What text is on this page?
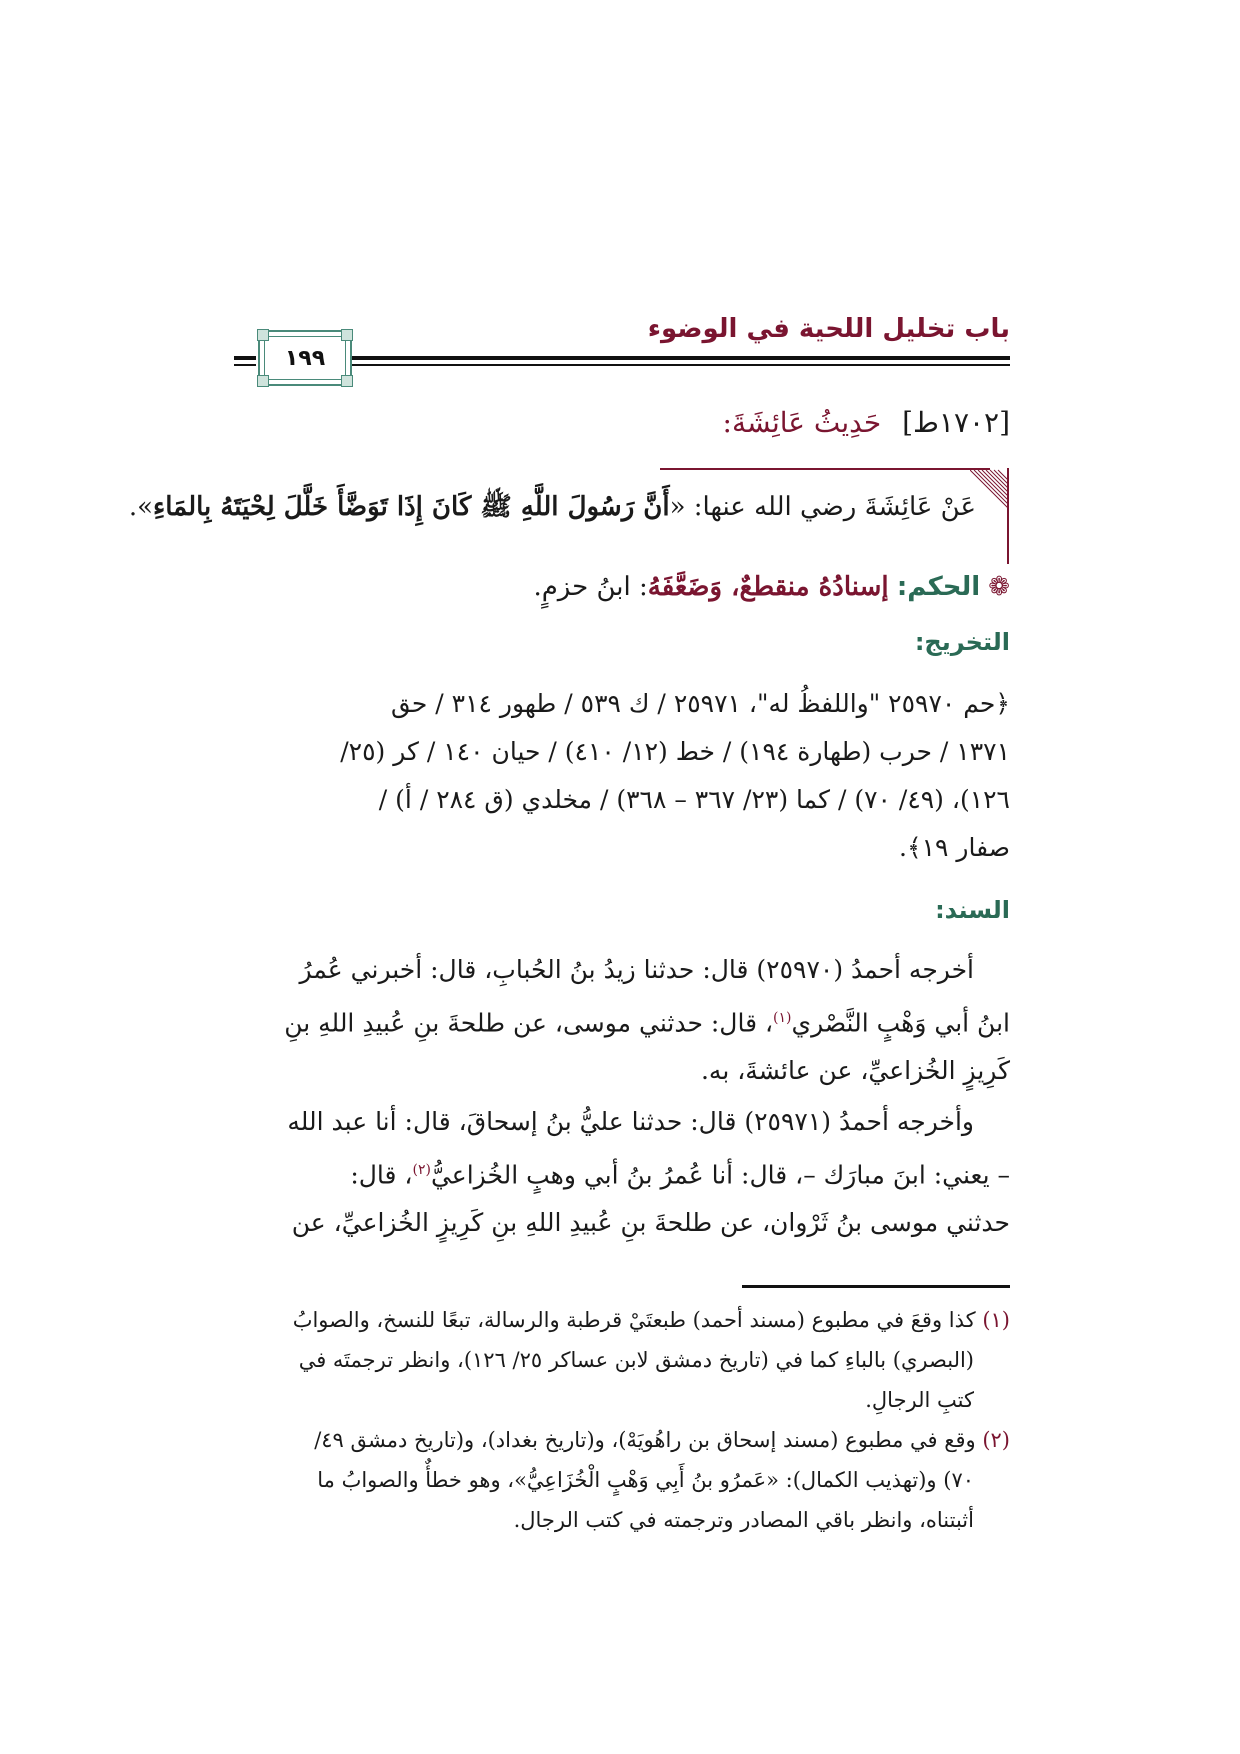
باب تخليل اللحية في الوضوء
١٩٩
[١٧٠٢ط] حَدِيثُ عَائِشَةَ:
عَنْ عَائِشَةَ رضي الله عنها: «أَنَّ رَسُولَ اللَّهِ ﷺ كَانَ إِذَا تَوَضَّأَ خَلَّلَ لِحْيَتَهُ بِالمَاءِ».
❁الحكم: إسنادُهُ منقطعٌ، وَضَعَّفَهُ: ابنُ حزمٍ.
التخريج:
﴿حم ٢٥٩٧٠ "واللفظُ له"، ٢٥٩٧١ / ك ٥٣٩ / طهور ٣١٤ / حق
١٣٧١ / حرب (طهارة ١٩٤) / خط (١٢/ ٤١٠) / حيان ١٤٠ / كر (٢٥/
١٢٦)، (٤٩/ ٧٠) / كما (٢٣/ ٣٦٧ – ٣٦٨) / مخلدي (ق ٢٨٤ / أ) /
صفار ١٩﴾.
السند:
أخرجه أحمدُ (٢٥٩٧٠) قال: حدثنا زيدُ بنُ الحُبابِ، قال: أخبرني عُمرُ
ابنُ أبي وَهْبٍ النَّصْري$^{(١)}$، قال: حدثني موسى، عن طلحةَ بنِ عُبيدِ اللهِ بنِ
كَرِيزٍ الخُزاعيِّ، عن عائشةَ، به.
وأخرجه أحمدُ (٢٥٩٧١) قال: حدثنا عليُّ بنُ إسحاقَ، قال: أنا عبد الله
– يعني: ابنَ مبارَك –، قال: أنا عُمرُ بنُ أبي وهبٍ الخُزاعيُّ$^{(٢)}$، قال:
حدثني موسى بنُ ثَرْوان، عن طلحةَ بنِ عُبيدِ اللهِ بنِ كَرِيزٍ الخُزاعيِّ، عن
(١) كذا وقعَ في مطبوع (مسند أحمد) طبعتَيْ قرطبة والرسالة، تبعًا للنسخ، والصوابُ
(البصري) بالباءِ كما في (تاريخ دمشق لابن عساكر ٢٥/ ١٢٦)، وانظر ترجمتَه في
كتبِ الرجالِ.
(٢) وقع في مطبوع (مسند إسحاق بن راهُويَهْ)، و(تاريخ بغداد)، و(تاريخ دمشق ٤٩/
٧٠) و(تهذيب الكمال): «عَمرُو بنُ أَبِي وَهْبٍ الْخُزَاعِيُّ»، وهو خطأٌ والصوابُ ما
أثبتناه، وانظر باقي المصادر وترجمته في كتب الرجال.
